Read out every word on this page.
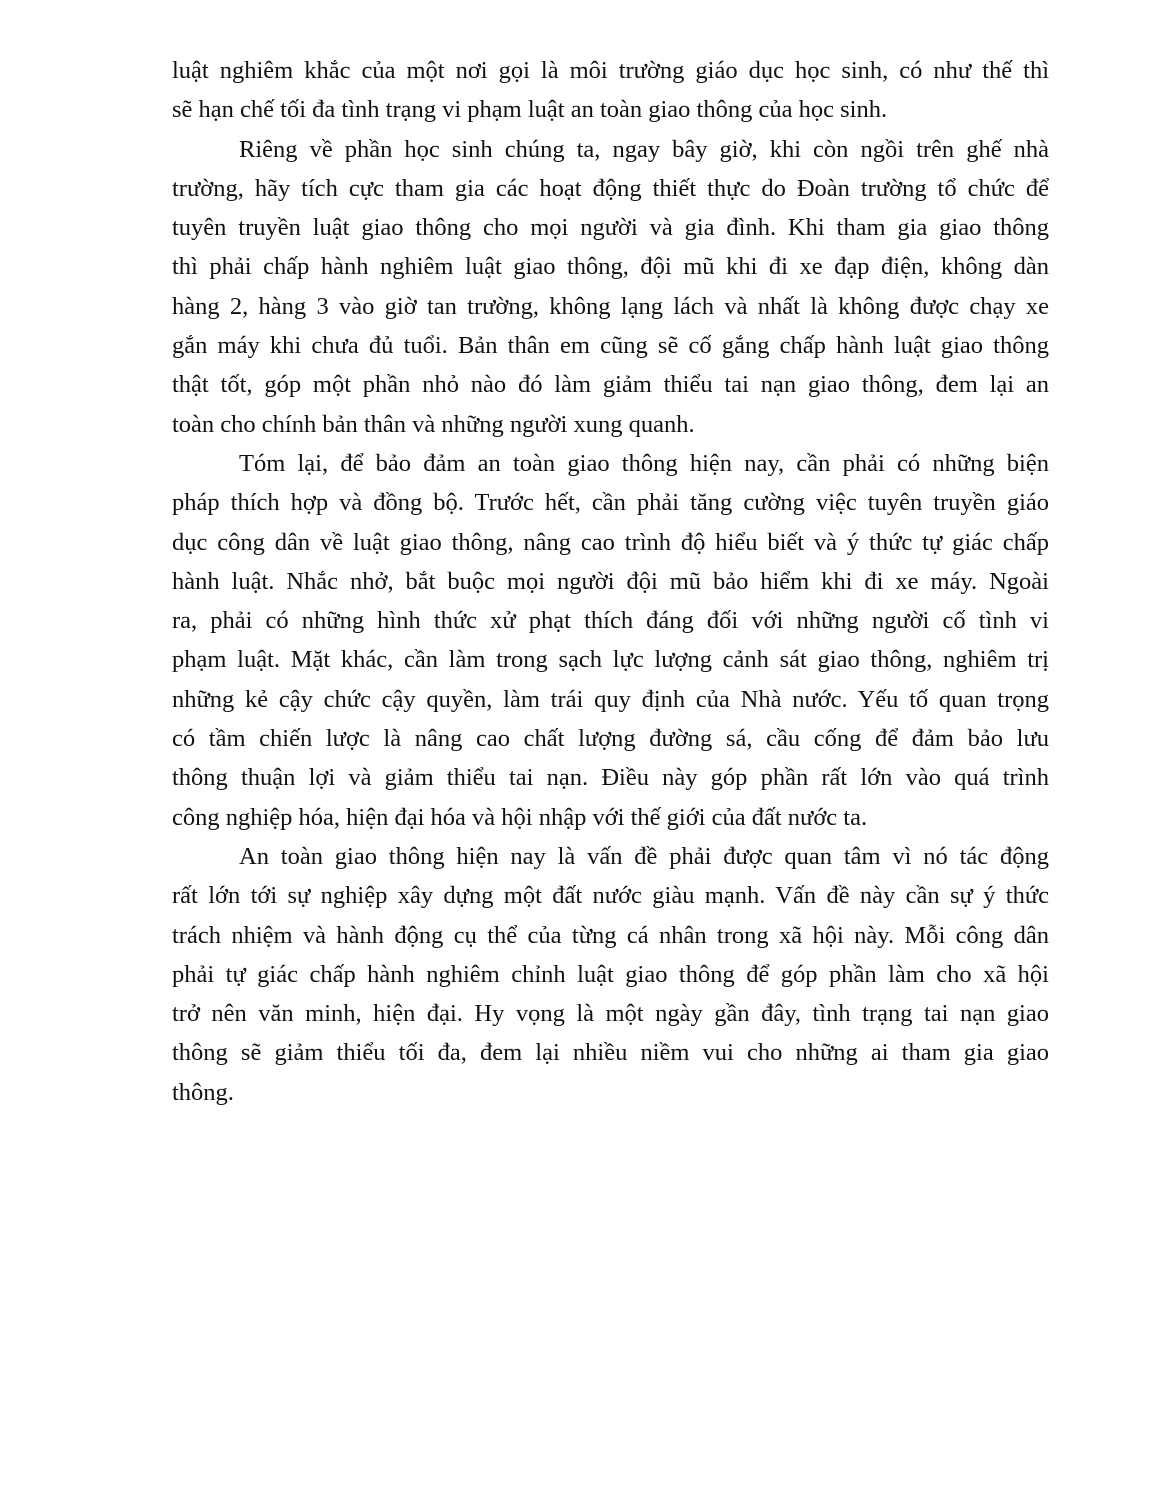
luật nghiêm khắc của một nơi gọi là môi trường giáo dục học sinh, có như thế thì
sẽ hạn chế tối đa tình trạng vi phạm luật an toàn giao thông của học sinh.
Riêng về phần học sinh chúng ta, ngay bây giờ, khi còn ngồi trên ghế nhà
trường, hãy tích cực tham gia các hoạt động thiết thực do Đoàn trường tổ chức để
tuyên truyền luật giao thông cho mọi người và gia đình. Khi tham gia giao thông
thì phải chấp hành nghiêm luật giao thông, đội mũ khi đi xe đạp điện, không dàn
hàng 2, hàng 3 vào giờ tan trường, không lạng lách và nhất là không được chạy xe
gắn máy khi chưa đủ tuổi. Bản thân em cũng sẽ cố gắng chấp hành luật giao thông
thật tốt, góp một phần nhỏ nào đó làm giảm thiểu tai nạn giao thông, đem lại an
toàn cho chính bản thân và những người xung quanh.
Tóm lại, để bảo đảm an toàn giao thông hiện nay, cần phải có những biện
pháp thích hợp và đồng bộ. Trước hết, cần phải tăng cường việc tuyên truyền giáo
dục công dân về luật giao thông, nâng cao trình độ hiểu biết và ý thức tự giác chấp
hành luật. Nhắc nhở, bắt buộc mọi người đội mũ bảo hiểm khi đi xe máy. Ngoài
ra, phải có những hình thức xử phạt thích đáng đối với những người cố tình vi
phạm luật. Mặt khác, cần làm trong sạch lực lượng cảnh sát giao thông, nghiêm trị
những kẻ cậy chức cậy quyền, làm trái quy định của Nhà nước. Yếu tố quan trọng
có tầm chiến lược là nâng cao chất lượng đường sá, cầu cống để đảm bảo lưu
thông thuận lợi và giảm thiểu tai nạn. Điều này góp phần rất lớn vào quá trình
công nghiệp hóa, hiện đại hóa và hội nhập với thế giới của đất nước ta.
An toàn giao thông hiện nay là vấn đề phải được quan tâm vì nó tác động
rất lớn tới sự nghiệp xây dựng một đất nước giàu mạnh. Vấn đề này cần sự ý thức
trách nhiệm và hành động cụ thể của từng cá nhân trong xã hội này. Mỗi công dân
phải tự giác chấp hành nghiêm chỉnh luật giao thông để góp phần làm cho xã hội
trở nên văn minh, hiện đại. Hy vọng là một ngày gần đây, tình trạng tai nạn giao
thông sẽ giảm thiểu tối đa, đem lại nhiều niềm vui cho những ai tham gia giao
thông.
